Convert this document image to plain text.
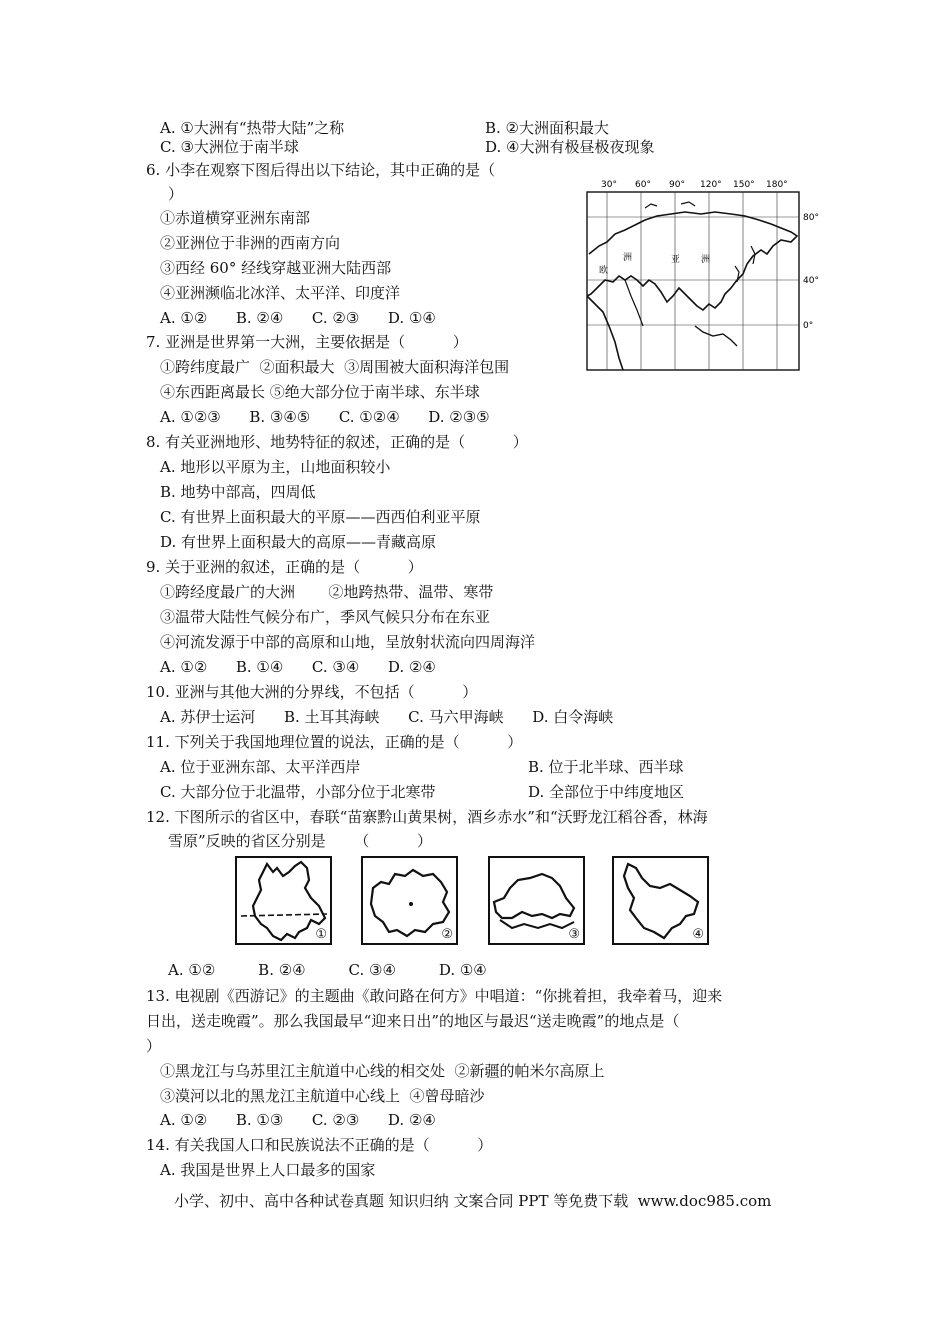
A. ①大洲有“热带大陆”之称	B. ②大洲面积最大
C. ③大洲位于南半球	D. ④大洲有极昼极夜现象
6. 小李在观察下图后得出以下结论，其中正确的是（
）
①赤道横穿亚洲东南部
②亚洲位于非洲的西南方向
③西经 60° 经线穿越亚洲大陆西部
④亚洲濒临北冰洋、太平洋、印度洋
A. ①②      B. ②④      C. ②③      D. ①④
7. 亚洲是世界第一大洲，主要依据是（          ）
①跨纬度最广  ②面积最大  ③周围被大面积海洋包围
④东西距离最长 ⑤绝大部分位于南半球、东半球
A. ①②③      B. ③④⑤      C. ①②④      D. ②③⑤
8. 有关亚洲地形、地势特征的叙述，正确的是（          ）
A. 地形以平原为主，山地面积较小
B. 地势中部高，四周低
C. 有世界上面积最大的平原——西西伯利亚平原
D. 有世界上面积最大的高原——青藏高原
9. 关于亚洲的叙述，正确的是（          ）
①跨经度最广的大洲       ②地跨热带、温带、寒带
③温带大陆性气候分布广，季风气候只分布在东亚
④河流发源于中部的高原和山地，呈放射状流向四周海洋
A. ①②      B. ①④      C. ③④      D. ②④
10. 亚洲与其他大洲的分界线，不包括（          ）
A. 苏伊士运河      B. 土耳其海峡      C. 马六甲海峡      D. 白令海峡
11. 下列关于我国地理位置的说法，正确的是（          ）
A. 位于亚洲东部、太平洋西岸	B. 位于北半球、西半球
C. 大部分位于北温带，小部分位于北寒带	D. 全部位于中纬度地区
12. 下图所示的省区中，春联“苗寨黔山黄果树，酒乡赤水”和“沃野龙江稻谷香，林海
雪原”反映的省区分别是      （          ）
A. ①②         B. ②④         C. ③④         D. ①④
13. 电视剧《西游记》的主题曲《敢问路在何方》中唱道：“你挑着担，我牵着马，迎来
日出，送走晚霞”。那么我国最早“迎来日出”的地区与最迟“送走晚霞”的地点是（
）
①黑龙江与乌苏里江主航道中心线的相交处  ②新疆的帕米尔高原上
③漠河以北的黑龙江主航道中心线上  ④曾母暗沙
A. ①②      B. ①③      C. ②③      D. ②④
14. 有关我国人口和民族说法不正确的是（          ）
A. 我国是世界上人口最多的国家
30° 60° 90° 120° 150° 180°
80°
40°
0°
欧
洲	亚 洲
①	②	③	④
小学、初中、高中各种试卷真题 知识归纳 文案合同 PPT 等免费下载  www.doc985.com
